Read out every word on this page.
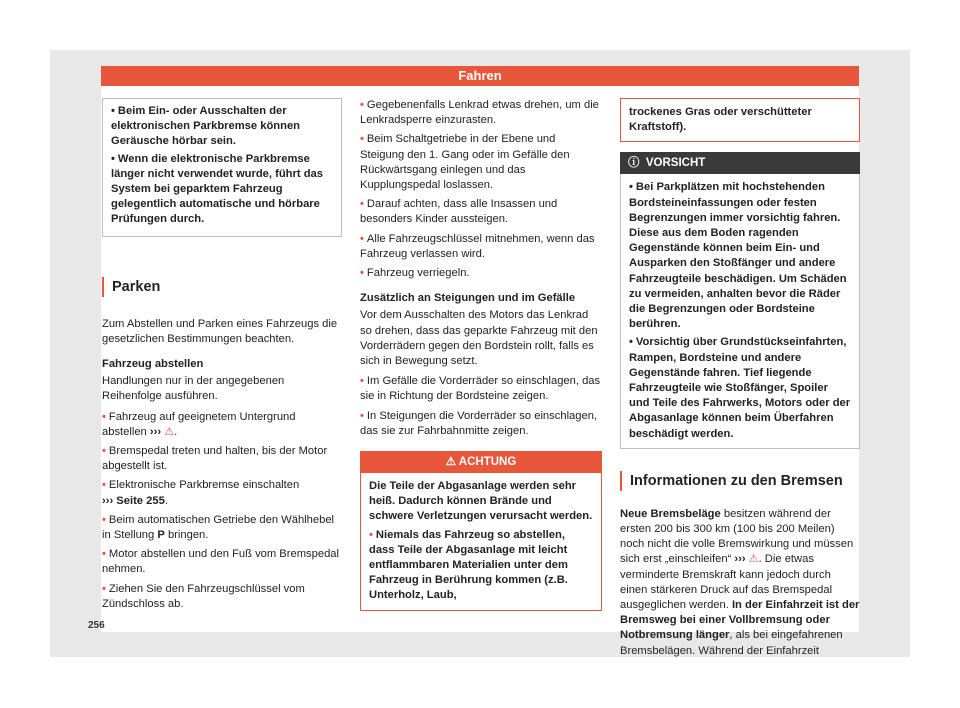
Fahren
• Beim Ein- oder Ausschalten der elektronischen Parkbremse können Geräusche hörbar sein.
• Wenn die elektronische Parkbremse länger nicht verwendet wurde, führt das System bei geparktem Fahrzeug gelegentlich automatische und hörbare Prüfungen durch.
Parken

Zum Abstellen und Parken eines Fahrzeugs die gesetzlichen Bestimmungen beachten.

Fahrzeug abstellen

Handlungen nur in der angegebenen Reihenfolge ausführen.

• Fahrzeug auf geeignetem Untergrund abstellen ››› ⚠.
• Bremspedal treten und halten, bis der Motor abgestellt ist.
• Elektronische Parkbremse einschalten
››› Seite 255.
• Beim automatischen Getriebe den Wählhebel in Stellung P bringen.
• Motor abstellen und den Fuß vom Bremspedal nehmen.
• Ziehen Sie den Fahrzeugschlüssel vom Zündschloss ab.
• Gegebenenfalls Lenkrad etwas drehen, um die Lenkradsperre einzurasten.
• Beim Schaltgetriebe in der Ebene und Steigung den 1. Gang oder im Gefälle den Rückwärtsgang einlegen und das Kupplungspedal loslassen.
• Darauf achten, dass alle Insassen und besonders Kinder aussteigen.
• Alle Fahrzeugschlüssel mitnehmen, wenn das Fahrzeug verlassen wird.
• Fahrzeug verriegeln.
Zusätzlich an Steigungen und im Gefälle

Vor dem Ausschalten des Motors das Lenkrad so drehen, dass das geparkte Fahrzeug mit den Vorderrädern gegen den Bordstein rollt, falls es sich in Bewegung setzt.

• Im Gefälle die Vorderräder so einschlagen, das sie in Richtung der Bordsteine zeigen.
• In Steigungen die Vorderräder so einschlagen, das sie zur Fahrbahnmitte zeigen.
⚠ ACHTUNG
Die Teile der Abgasanlage werden sehr heiß. Dadurch können Brände und schwere Verletzungen verursacht werden.
• Niemals das Fahrzeug so abstellen, dass Teile der Abgasanlage mit leicht entflammbaren Materialien unter dem Fahrzeug in Berührung kommen (z.B. Unterholz, Laub,
trockenes Gras oder verschütteter Kraftstoff).
ⓘ VORSICHT
• Bei Parkplätzen mit hochstehenden Bordsteineinfassungen oder festen Begrenzungen immer vorsichtig fahren. Diese aus dem Boden ragenden Gegenstände können beim Ein- und Ausparken den Stoßfänger und andere Fahrzeugteile beschädigen. Um Schäden zu vermeiden, anhalten bevor die Räder die Begrenzungen oder Bordsteine berühren.
• Vorsichtig über Grundstückseinfahrten, Rampen, Bordsteine und andere Gegenstände fahren. Tief liegende Fahrzeugteile wie Stoßfänger, Spoiler und Teile des Fahrwerks, Motors oder der Abgasanlage können beim Überfahren beschädigt werden.
Informationen zu den Bremsen

Neue Bremsbeläge besitzen während der ersten 200 bis 300 km (100 bis 200 Meilen) noch nicht die volle Bremswirkung und müssen sich erst „einschleifen“ ››› ⚠. Die etwas verminderte Bremskraft kann jedoch durch einen stärkeren Druck auf das Bremspedal ausgeglichen werden. In der Einfahrzeit ist der Bremsweg bei einer Vollbremsung oder Notbremsung länger, als bei eingefahrenen Bremsbelägen. Während der Einfahrzeit

256
